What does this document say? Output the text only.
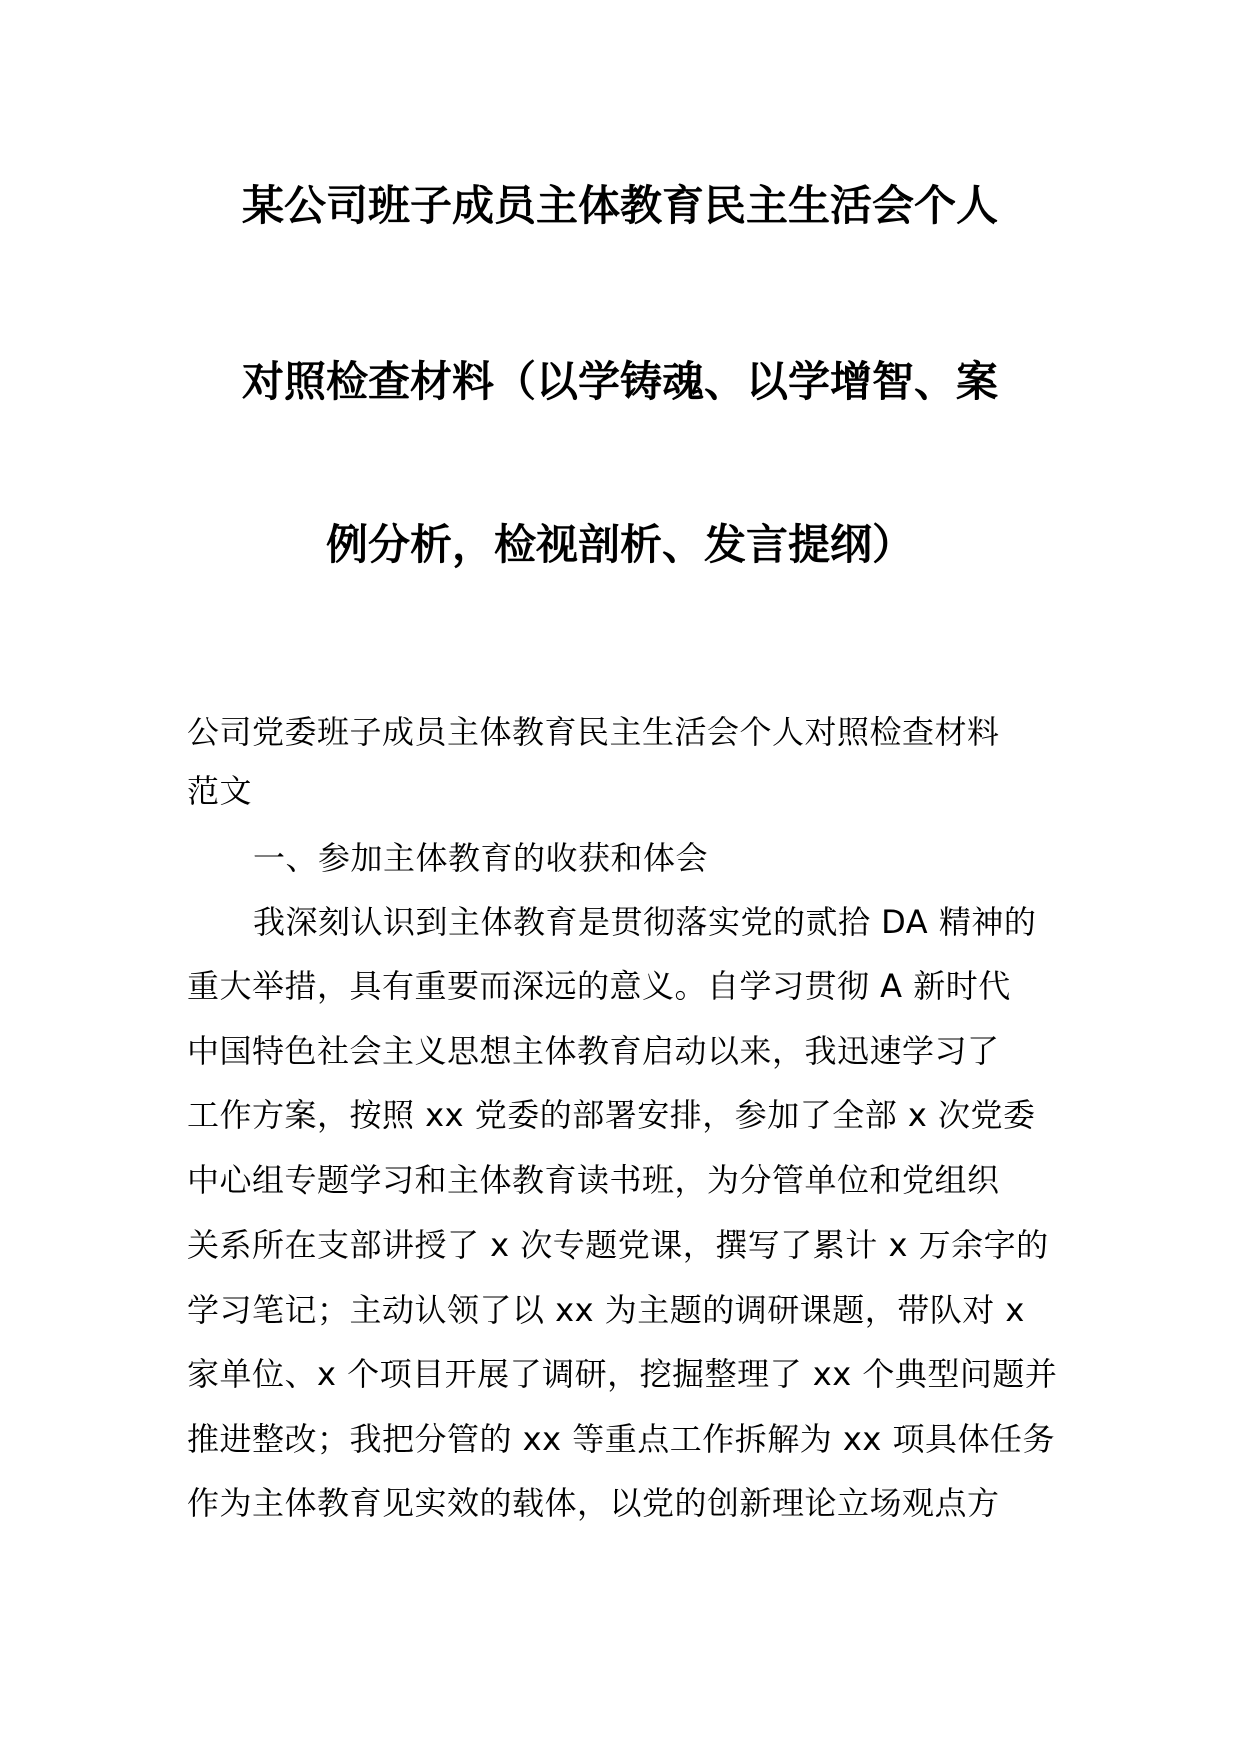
某公司班子成员主体教育民主生活会个人
对照检查材料（以学铸魂、以学增智、案
例分析，检视剖析、发言提纲）
公司党委班子成员主体教育民主生活会个人对照检查材料
范文
一、参加主体教育的收获和体会
我深刻认识到主体教育是贯彻落实党的贰拾 DA 精神的
重大举措，具有重要而深远的意义。自学习贯彻 A 新时代
中国特色社会主义思想主体教育启动以来，我迅速学习了
工作方案，按照 xx 党委的部署安排，参加了全部 x 次党委
中心组专题学习和主体教育读书班，为分管单位和党组织
关系所在支部讲授了 x 次专题党课，撰写了累计 x 万余字的
学习笔记；主动认领了以 xx 为主题的调研课题，带队对 x
家单位、x 个项目开展了调研，挖掘整理了 xx 个典型问题并
推进整改；我把分管的 xx 等重点工作拆解为 xx 项具体任务
作为主体教育见实效的载体，以党的创新理论立场观点方
